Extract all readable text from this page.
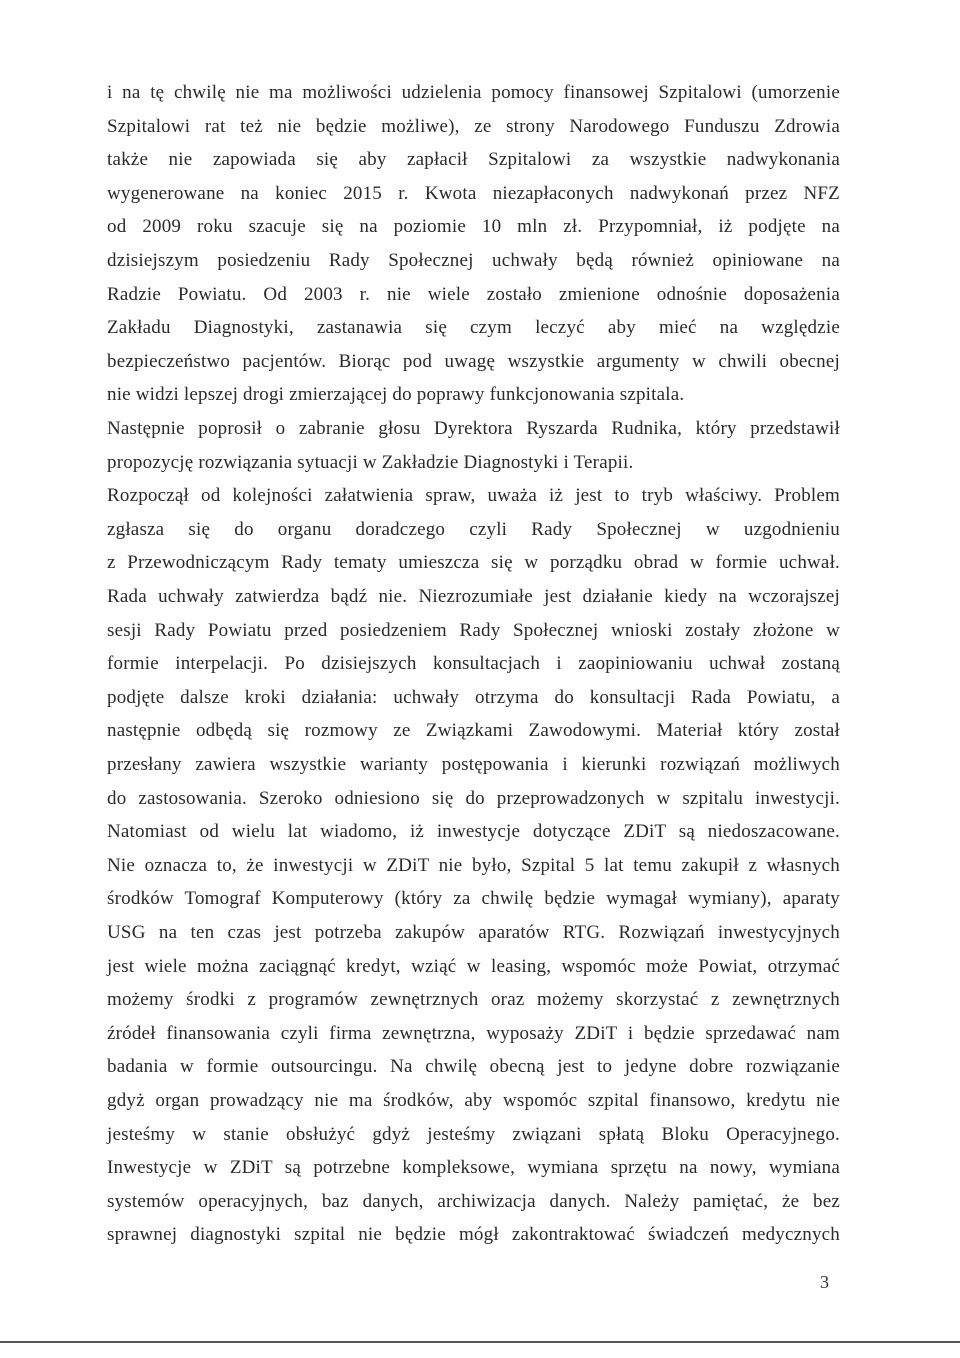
i na tę chwilę nie ma możliwości udzielenia pomocy finansowej Szpitalowi (umorzenie
Szpitalowi rat też nie będzie możliwe), ze strony Narodowego Funduszu Zdrowia
także nie zapowiada się aby zapłacił Szpitalowi za wszystkie nadwykonania
wygenerowane na koniec 2015 r. Kwota niezapłaconych nadwykonań przez NFZ
od 2009 roku szacuje się na poziomie 10 mln zł. Przypomniał, iż podjęte na
dzisiejszym posiedzeniu Rady Społecznej uchwały będą również opiniowane na
Radzie Powiatu. Od 2003 r. nie wiele zostało zmienione odnośnie doposażenia
Zakładu Diagnostyki, zastanawia się czym leczyć aby mieć na względzie
bezpieczeństwo pacjentów. Biorąc pod uwagę wszystkie argumenty w chwili obecnej
nie widzi lepszej drogi zmierzającej do poprawy funkcjonowania szpitala.
Następnie poprosił o zabranie głosu Dyrektora Ryszarda Rudnika, który przedstawił
propozycję rozwiązania sytuacji w Zakładzie Diagnostyki i Terapii.
Rozpoczął od kolejności załatwienia spraw, uważa iż jest to tryb właściwy. Problem
zgłasza się do organu doradczego czyli Rady Społecznej w uzgodnieniu
z Przewodniczącym Rady tematy umieszcza się w porządku obrad w formie uchwał.
Rada uchwały zatwierdza bądź nie. Niezrozumiałe jest działanie kiedy na wczorajszej
sesji Rady Powiatu przed posiedzeniem Rady Społecznej wnioski zostały złożone w
formie interpelacji. Po dzisiejszych konsultacjach i zaopiniowaniu uchwał zostaną
podjęte dalsze kroki działania: uchwały otrzyma do konsultacji Rada Powiatu, a
następnie odbędą się rozmowy ze Związkami Zawodowymi. Materiał który został
przesłany zawiera wszystkie warianty postępowania i kierunki rozwiązań możliwych
do zastosowania. Szeroko odniesiono się do przeprowadzonych w szpitalu inwestycji.
Natomiast od wielu lat wiadomo, iż inwestycje dotyczące ZDiT są niedoszacowane.
Nie oznacza to, że inwestycji w ZDiT nie było, Szpital 5 lat temu zakupił z własnych
środków Tomograf Komputerowy (który za chwilę będzie wymagał wymiany), aparaty
USG na ten czas jest potrzeba zakupów aparatów RTG. Rozwiązań inwestycyjnych
jest wiele można zaciągnąć kredyt, wziąć w leasing, wspomóc może Powiat, otrzymać
możemy środki z programów zewnętrznych oraz możemy skorzystać z zewnętrznych
źródeł finansowania czyli firma zewnętrzna, wyposaży ZDiT i będzie sprzedawać nam
badania w formie outsourcingu. Na chwilę obecną jest to jedyne dobre rozwiązanie
gdyż organ prowadzący nie ma środków, aby wspomóc szpital finansowo, kredytu nie
jesteśmy w stanie obsłużyć gdyż jesteśmy związani spłatą Bloku Operacyjnego.
Inwestycje w ZDiT są potrzebne kompleksowe, wymiana sprzętu na nowy, wymiana
systemów operacyjnych, baz danych, archiwizacja danych. Należy pamiętać, że bez
sprawnej diagnostyki szpital nie będzie mógł zakontraktować świadczeń medycznych
3
